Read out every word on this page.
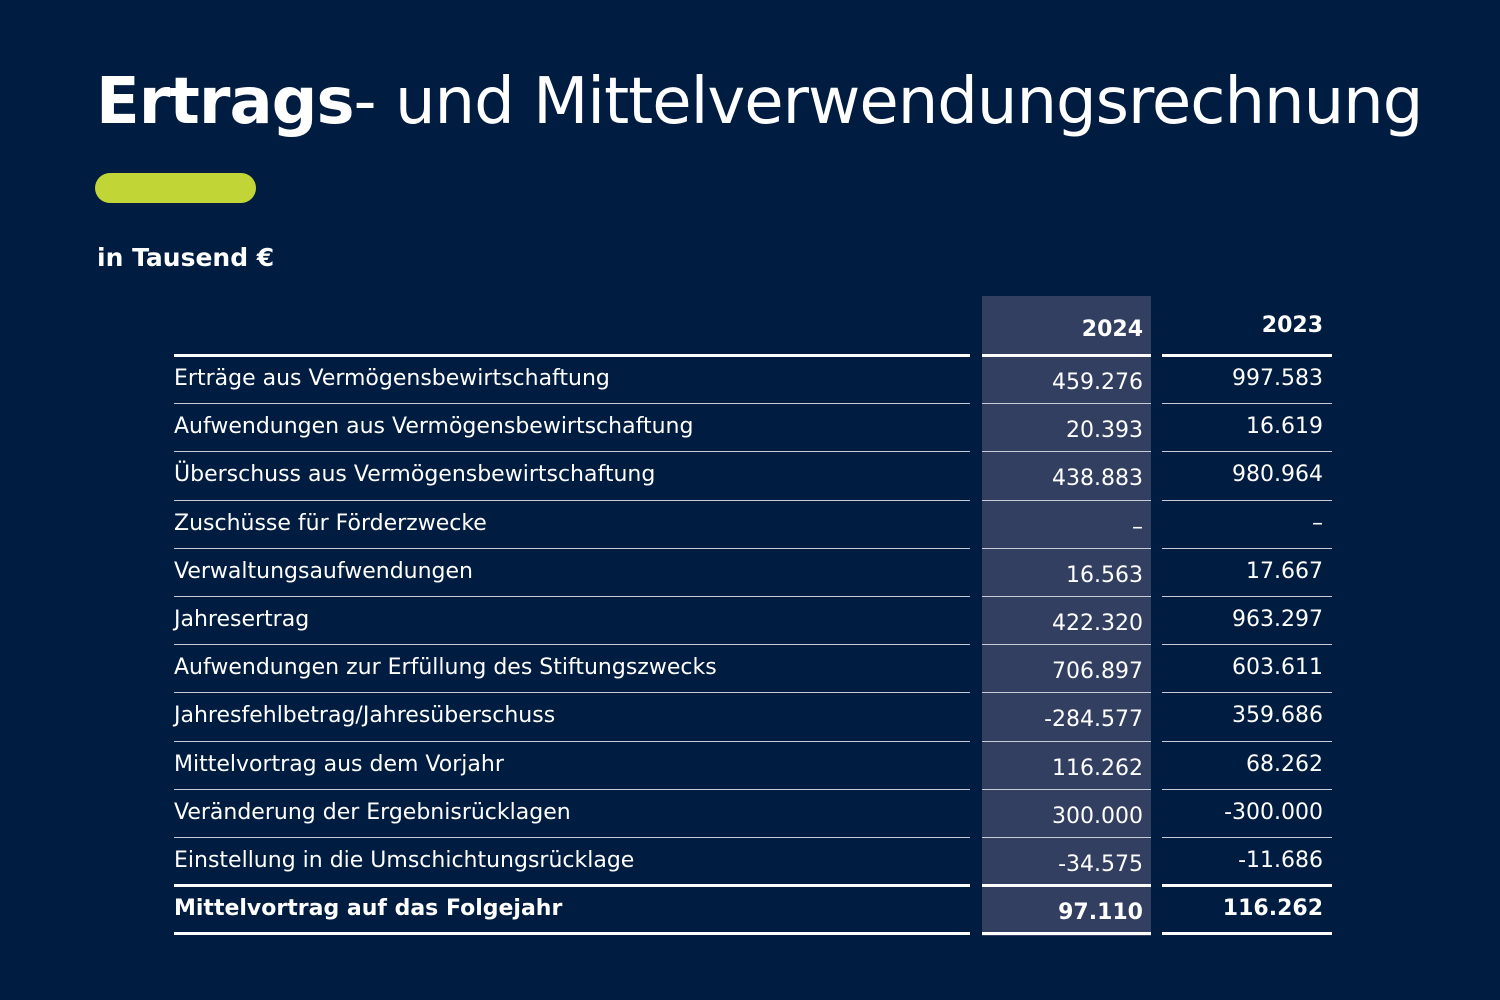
Ertrags- und Mittelverwendungsrechnung
in Tausend €
2024	2023
Erträge aus Vermögensbewirtschaftung	459.276	997.583
Aufwendungen aus Vermögensbewirtschaftung	20.393	16.619
Überschuss aus Vermögensbewirtschaftung	438.883	980.964
Zuschüsse für Förderzwecke	–	–
Verwaltungsaufwendungen	16.563	17.667
Jahresertrag	422.320	963.297
Aufwendungen zur Erfüllung des Stiftungszwecks	706.897	603.611
Jahresfehlbetrag/Jahresüberschuss	-284.577	359.686
Mittelvortrag aus dem Vorjahr	116.262	68.262
Veränderung der Ergebnisrücklagen	300.000	-300.000
Einstellung in die Umschichtungsrücklage	-34.575	-11.686
Mittelvortrag auf das Folgejahr	97.110	116.262
